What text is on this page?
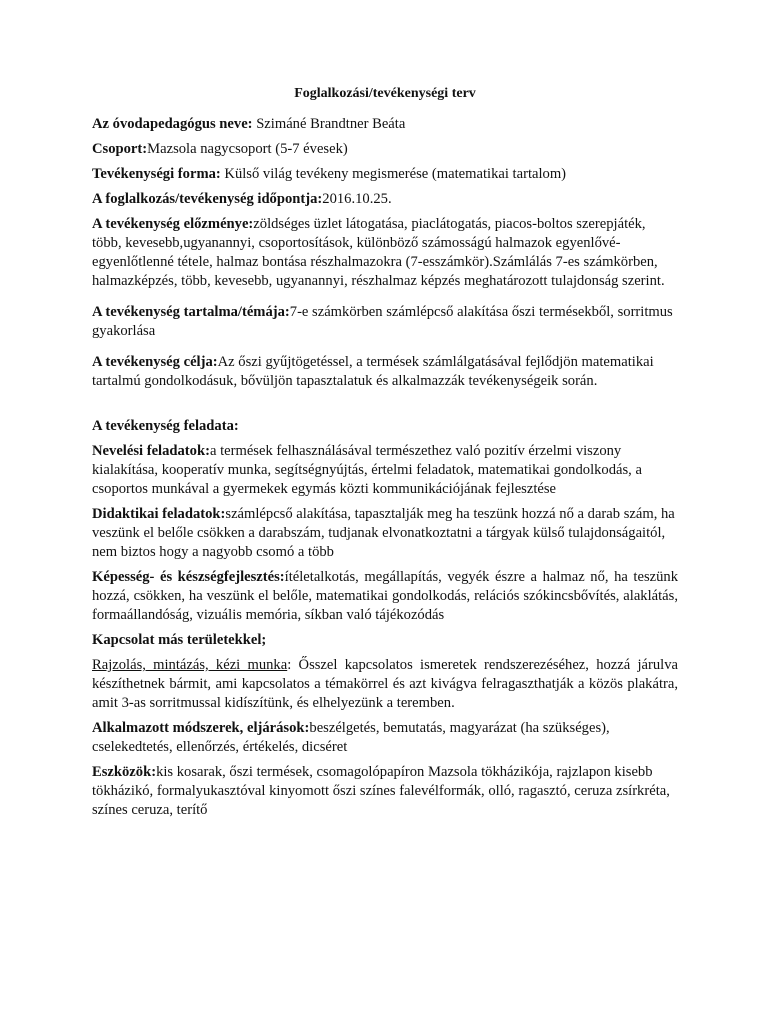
Foglalkozási/tevékenységi terv

Az óvodapedagógus neve: Szimáné Brandtner Beáta

Csoport:Mazsola nagycsoport (5-7 évesek)

Tevékenységi forma: Külső világ tevékeny megismerése (matematikai tartalom)

A foglalkozás/tevékenység időpontja:2016.10.25.

A tevékenység előzménye:zöldséges üzlet látogatása, piaclátogatás, piacos-boltos szerepjáték, több, kevesebb,ugyanannyi, csoportosítások, különböző számosságú halmazok egyenlővé-egyenlőtlenné tétele, halmaz bontása részhalmazokra (7-esszámkör).Számlálás 7-es számkörben, halmazképzés, több, kevesebb, ugyanannyi, részhalmaz képzés meghatározott tulajdonság szerint.

A tevékenység tartalma/témája:7-e számkörben számlépcső alakítása őszi termésekből, sorritmus gyakorlása

A tevékenység célja:Az őszi gyűjtögetéssel, a termések számlálgatásával fejlődjön matematikai tartalmú gondolkodásuk, bővüljön tapasztalatuk és alkalmazzák tevékenységeik során.

A tevékenység feladata:

Nevelési feladatok:a termések felhasználásával természethez való pozitív érzelmi viszony kialakítása, kooperatív munka, segítségnyújtás, értelmi feladatok, matematikai gondolkodás, a csoportos munkával a gyermekek egymás közti kommunikációjának fejlesztése

Didaktikai feladatok:számlépcső alakítása, tapasztalják meg ha teszünk hozzá nő a darab szám, ha veszünk el belőle csökken a darabszám, tudjanak elvonatkoztatni a tárgyak külső tulajdonságaitól, nem biztos hogy a nagyobb csomó a több

Képesség- és készségfejlesztés:ítéletalkotás, megállapítás, vegyék észre a halmaz nő, ha teszünk hozzá, csökken, ha veszünk el belőle, matematikai gondolkodás, relációs szókincsbővítés, alaklátás, formaállandóság, vizuális memória, síkban való tájékozódás

Kapcsolat más területekkel;

Rajzolás, mintázás, kézi munka: Ősszel kapcsolatos ismeretek rendszerezéséhez, hozzá járulva készíthetnek bármit, ami kapcsolatos a témakörrel és azt kivágva felragaszthatják a közös plakátra, amit 3-as sorritmussal kidíszítünk, és elhelyezünk a teremben.

Alkalmazott módszerek, eljárások:beszélgetés, bemutatás, magyarázat (ha szükséges), cselekedtetés, ellenőrzés, értékelés, dicséret

Eszközök:kis kosarak, őszi termések, csomagolópapíron Mazsola tökházikója, rajzlapon kisebb tökházikó, formalyukasztóval kinyomott őszi színes falevélformák, olló, ragasztó, ceruza zsírkréta, színes ceruza, terítő
